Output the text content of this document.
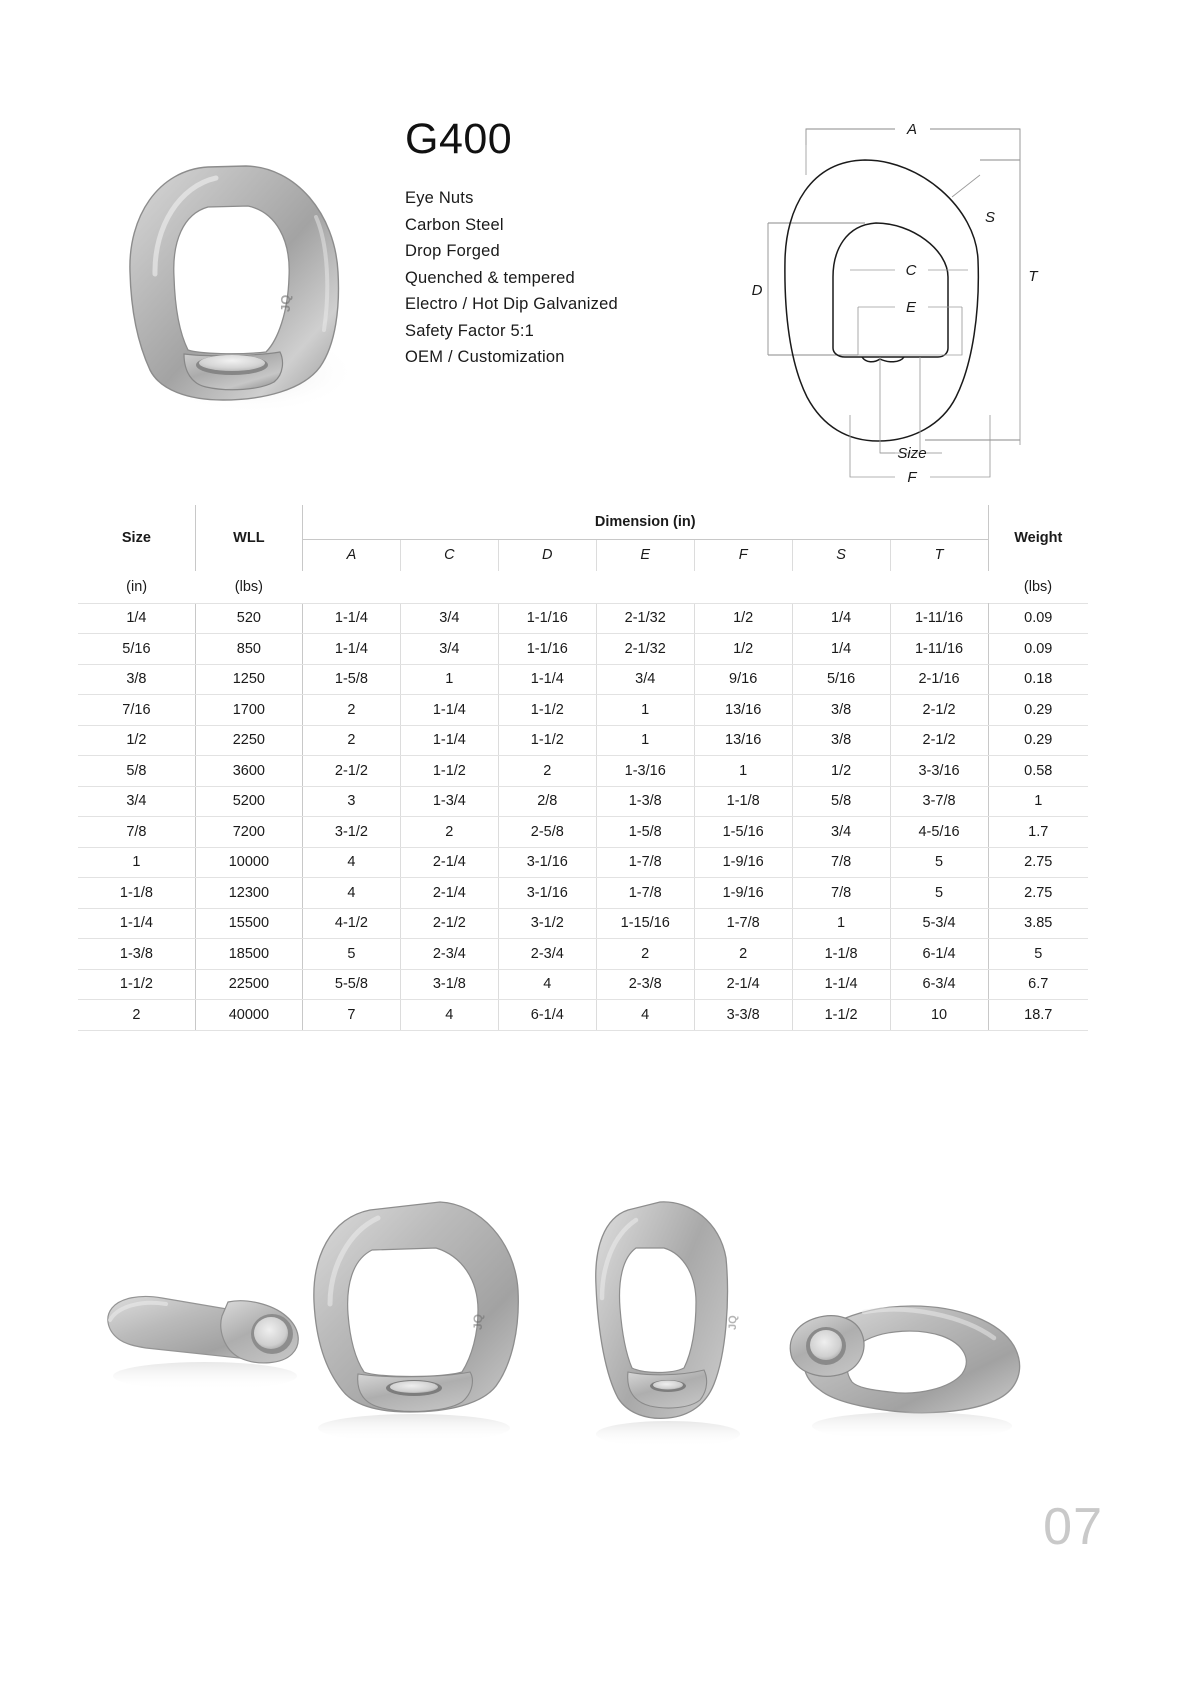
JQ
G400
Eye Nuts
Carbon Steel
Drop Forged
Quenched & tempered
Electro / Hot Dip Galvanized
Safety Factor 5:1
OEM / Customization
A
C
D
E
Size
S
T
F
Size	WLL	Dimension (in)							Weight
		A	C	D	E	F	S	T	
(in)	(lbs)								(lbs)
1/4	520	1-1/4	3/4	1-1/16	2-1/32	1/2	1/4	1-11/16	0.09
5/16	850	1-1/4	3/4	1-1/16	2-1/32	1/2	1/4	1-11/16	0.09
3/8	1250	1-5/8	1	1-1/4	3/4	9/16	5/16	2-1/16	0.18
7/16	1700	2	1-1/4	1-1/2	1	13/16	3/8	2-1/2	0.29
1/2	2250	2	1-1/4	1-1/2	1	13/16	3/8	2-1/2	0.29
5/8	3600	2-1/2	1-1/2	2	1-3/16	1	1/2	3-3/16	0.58
3/4	5200	3	1-3/4	2/8	1-3/8	1-1/8	5/8	3-7/8	1
7/8	7200	3-1/2	2	2-5/8	1-5/8	1-5/16	3/4	4-5/16	1.7
1	10000	4	2-1/4	3-1/16	1-7/8	1-9/16	7/8	5	2.75
1-1/8	12300	4	2-1/4	3-1/16	1-7/8	1-9/16	7/8	5	2.75
1-1/4	15500	4-1/2	2-1/2	3-1/2	1-15/16	1-7/8	1	5-3/4	3.85
1-3/8	18500	5	2-3/4	2-3/4	2	2	1-1/8	6-1/4	5
1-1/2	22500	5-5/8	3-1/8	4	2-3/8	2-1/4	1-1/4	6-3/4	6.7
2	40000	7	4	6-1/4	4	3-3/8	1-1/2	10	18.7
JQ	JQ
07
